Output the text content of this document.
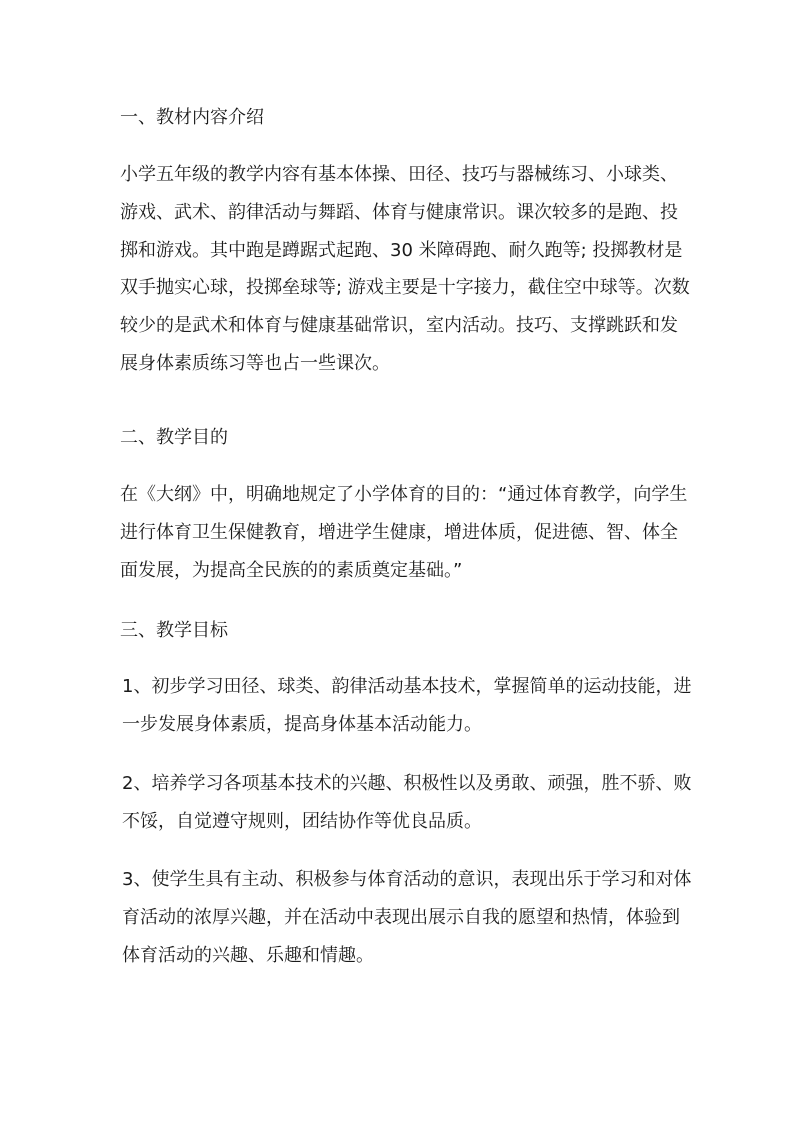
一、教材内容介绍

小学五年级的教学内容有基本体操、田径、技巧与器械练习、小球类、游戏、武术、韵律活动与舞蹈、体育与健康常识。课次较多的是跑、投掷和游戏。其中跑是蹲踞式起跑、30 米障碍跑、耐久跑等; 投掷教材是双手抛实心球，投掷垒球等; 游戏主要是十字接力，截住空中球等。次数较少的是武术和体育与健康基础常识，室内活动。技巧、支撑跳跃和发展身体素质练习等也占一些课次。

二、教学目的

在《大纲》中，明确地规定了小学体育的目的：“通过体育教学，向学生进行体育卫生保健教育，增进学生健康，增进体质，促进德、智、体全面发展，为提高全民族的的素质奠定基础。”

三、教学目标

1、初步学习田径、球类、韵律活动基本技术，掌握简单的运动技能，进一步发展身体素质，提高身体基本活动能力。

2、培养学习各项基本技术的兴趣、积极性以及勇敢、顽强，胜不骄、败不馁，自觉遵守规则，团结协作等优良品质。

3、使学生具有主动、积极参与体育活动的意识，表现出乐于学习和对体育活动的浓厚兴趣，并在活动中表现出展示自我的愿望和热情，体验到体育活动的兴趣、乐趣和情趣。
